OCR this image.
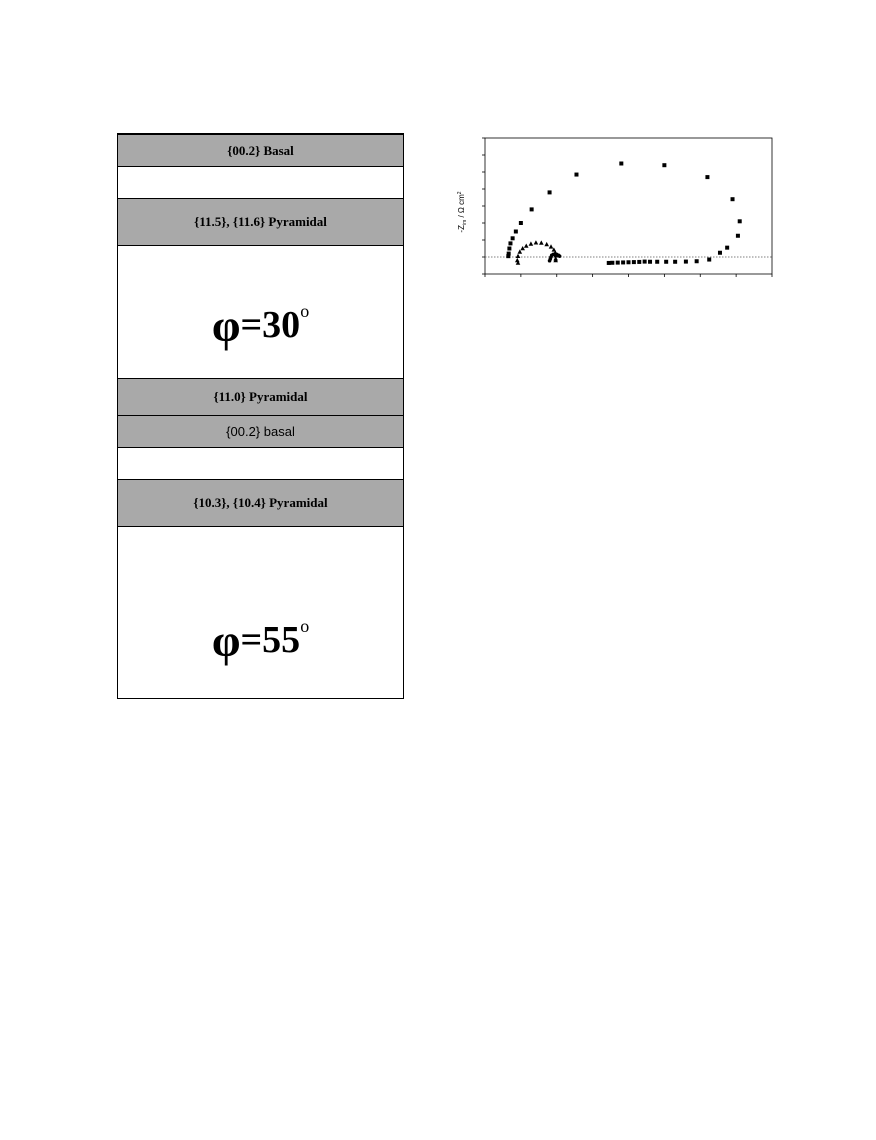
{00.2} Basal
{11.5}, {11.6} Pyramidal
$\varphi=30^o$
{11.0} Pyramidal
{00.2} basal
{10.3}, {10.4} Pyramidal
$\varphi=55^o$
$-Z_{im}$ / Ω $cm^2$
